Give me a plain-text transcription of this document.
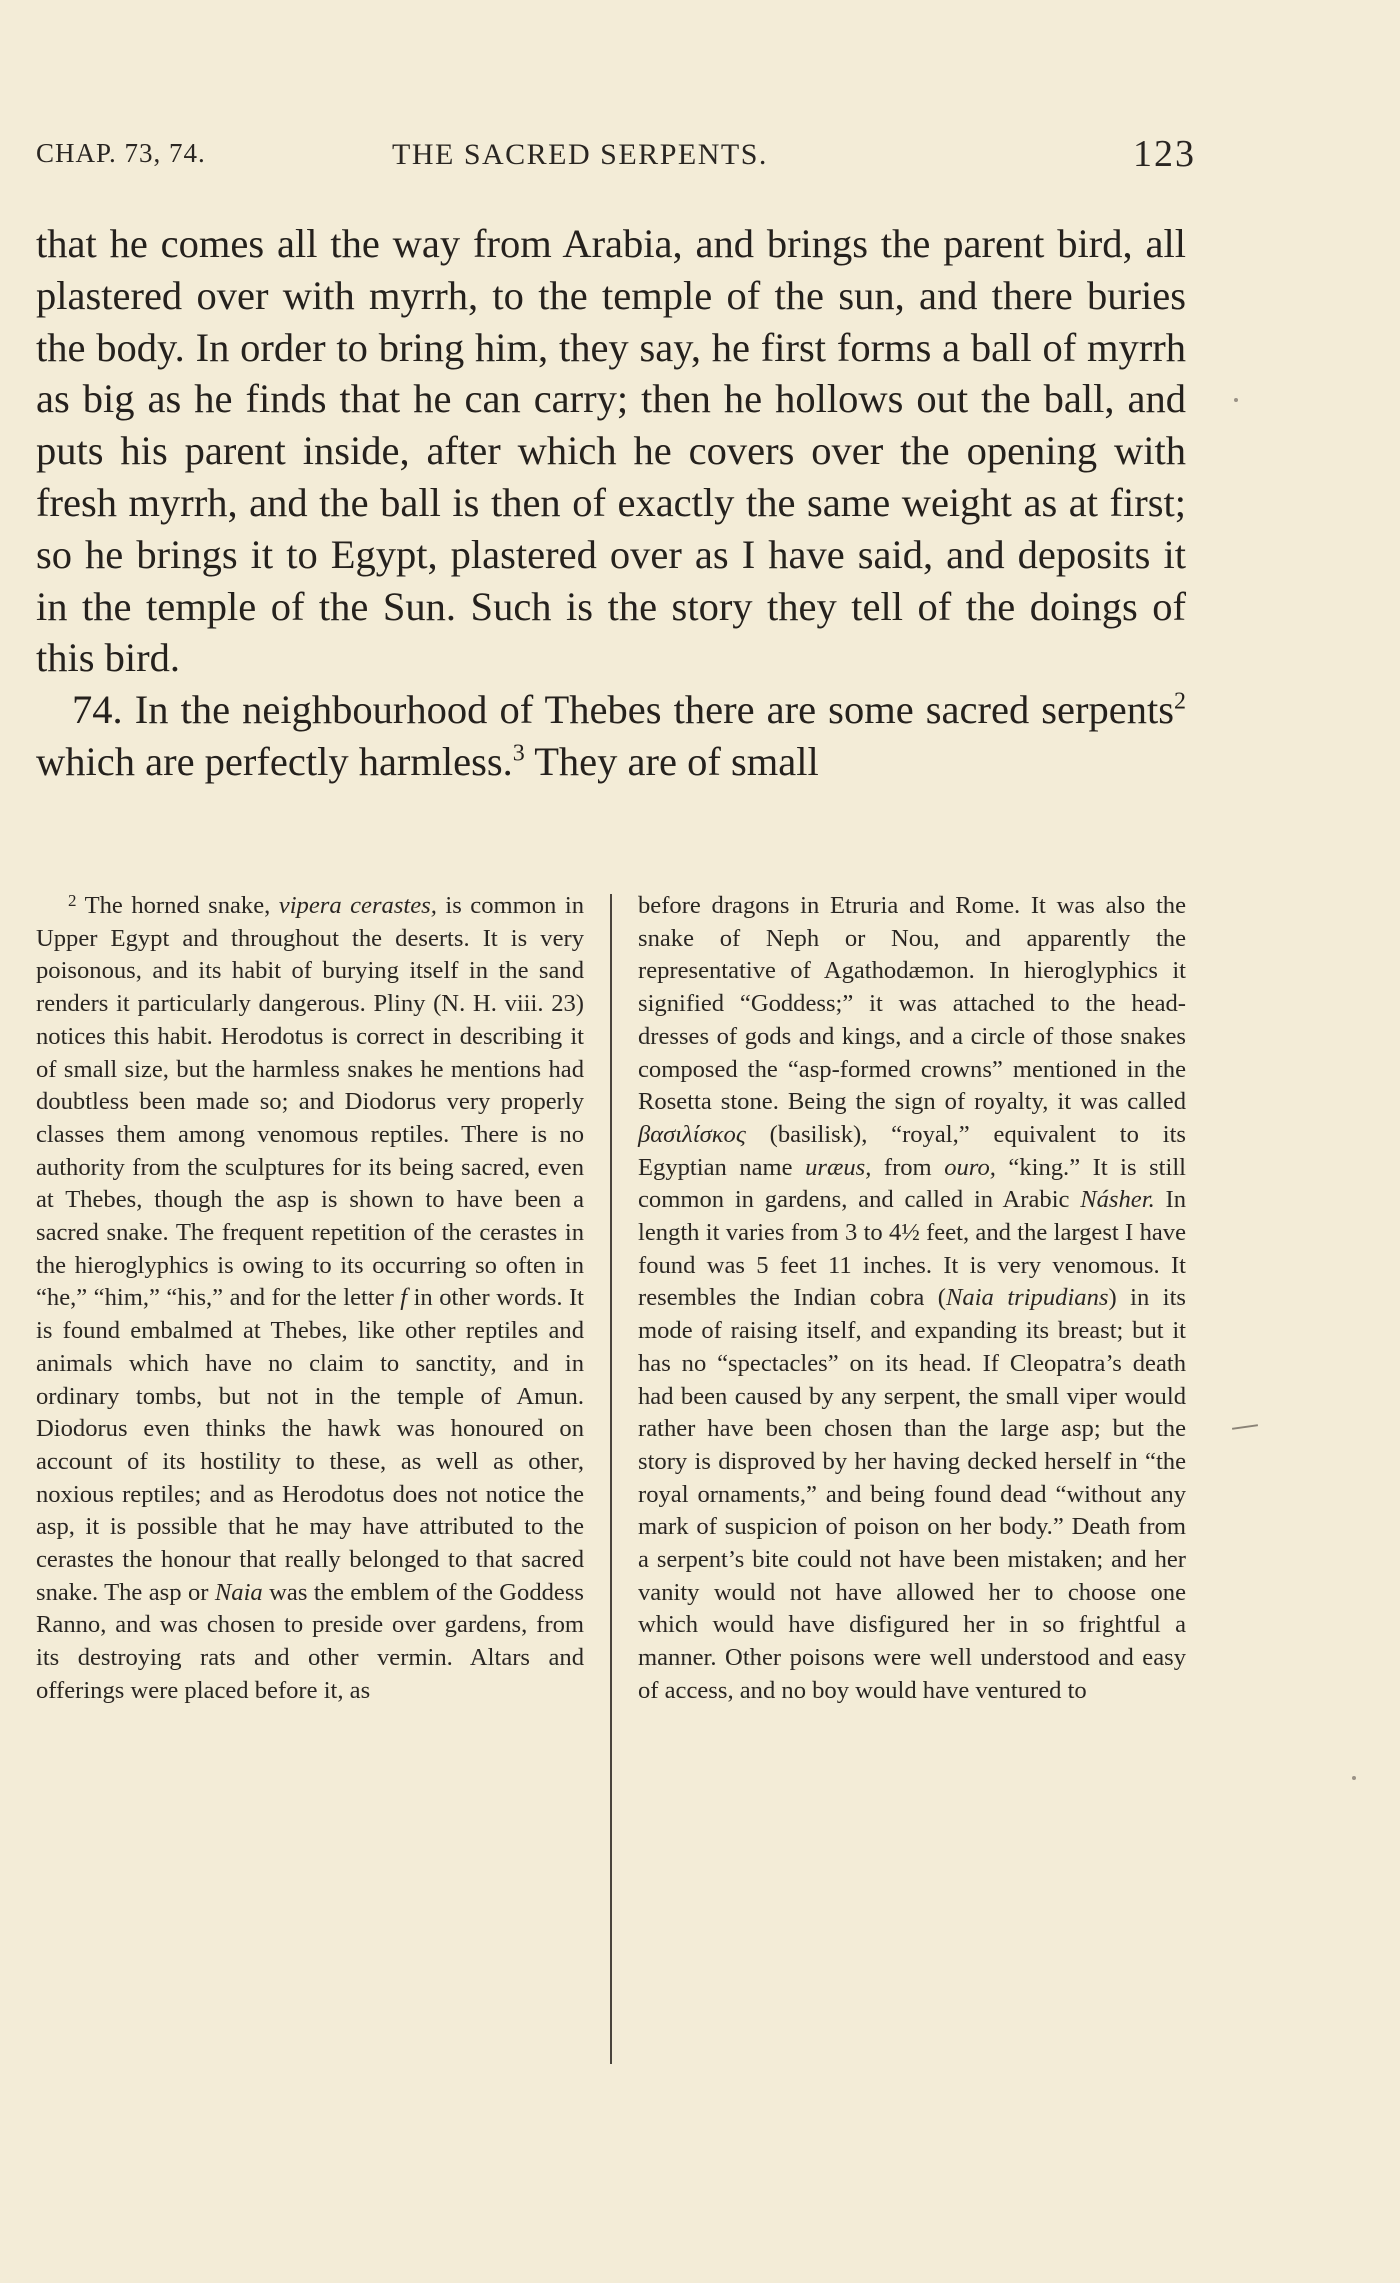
CHAP. 73, 74.	THE SACRED SERPENTS.	123

that he comes all the way from Arabia, and brings the parent bird, all plastered over with myrrh, to the temple of the sun, and there buries the body. In order to bring him, they say, he first forms a ball of myrrh as big as he finds that he can carry; then he hollows out the ball, and puts his parent inside, after which he covers over the opening with fresh myrrh, and the ball is then of exactly the same weight as at first; so he brings it to Egypt, plastered over as I have said, and deposits it in the temple of the Sun. Such is the story they tell of the doings of this bird.

74. In the neighbourhood of Thebes there are some sacred serpents$^2$ which are perfectly harmless.$^3$ They are of small

$^2$ The horned snake, vipera cerastes, is common in Upper Egypt and throughout the deserts. It is very poisonous, and its habit of burying itself in the sand renders it particularly dangerous. Pliny (N. H. viii. 23) notices this habit. Herodotus is correct in describing it of small size, but the harmless snakes he mentions had doubtless been made so; and Diodorus very properly classes them among venomous reptiles. There is no authority from the sculptures for its being sacred, even at Thebes, though the asp is shown to have been a sacred snake. The frequent repetition of the cerastes in the hieroglyphics is owing to its occurring so often in “he,” “him,” “his,” and for the letter f in other words. It is found embalmed at Thebes, like other reptiles and animals which have no claim to sanctity, and in ordinary tombs, but not in the temple of Amun. Diodorus even thinks the hawk was honoured on account of its hostility to these, as well as other, noxious reptiles; and as Herodotus does not notice the asp, it is possible that he may have attributed to the cerastes the honour that really belonged to that sacred snake. The asp or Naia was the emblem of the Goddess Ranno, and was chosen to preside over gardens, from its destroying rats and other vermin. Altars and offerings were placed before it, as

before dragons in Etruria and Rome. It was also the snake of Neph or Nou, and apparently the representative of Agathodæmon. In hieroglyphics it signified “Goddess;” it was attached to the head-dresses of gods and kings, and a circle of those snakes composed the “asp-formed crowns” mentioned in the Rosetta stone. Being the sign of royalty, it was called βασιλίσκος (basilisk), “royal,” equivalent to its Egyptian name uræus, from ouro, “king.” It is still common in gardens, and called in Arabic Násher. In length it varies from 3 to 4½ feet, and the largest I have found was 5 feet 11 inches. It is very venomous. It resembles the Indian cobra (Naia tripudians) in its mode of raising itself, and expanding its breast; but it has no “spectacles” on its head. If Cleopatra’s death had been caused by any serpent, the small viper would rather have been chosen than the large asp; but the story is disproved by her having decked herself in “the royal ornaments,” and being found dead “without any mark of suspicion of poison on her body.” Death from a serpent’s bite could not have been mistaken; and her vanity would not have allowed her to choose one which would have disfigured her in so frightful a manner. Other poisons were well understood and easy of access, and no boy would have ventured to
